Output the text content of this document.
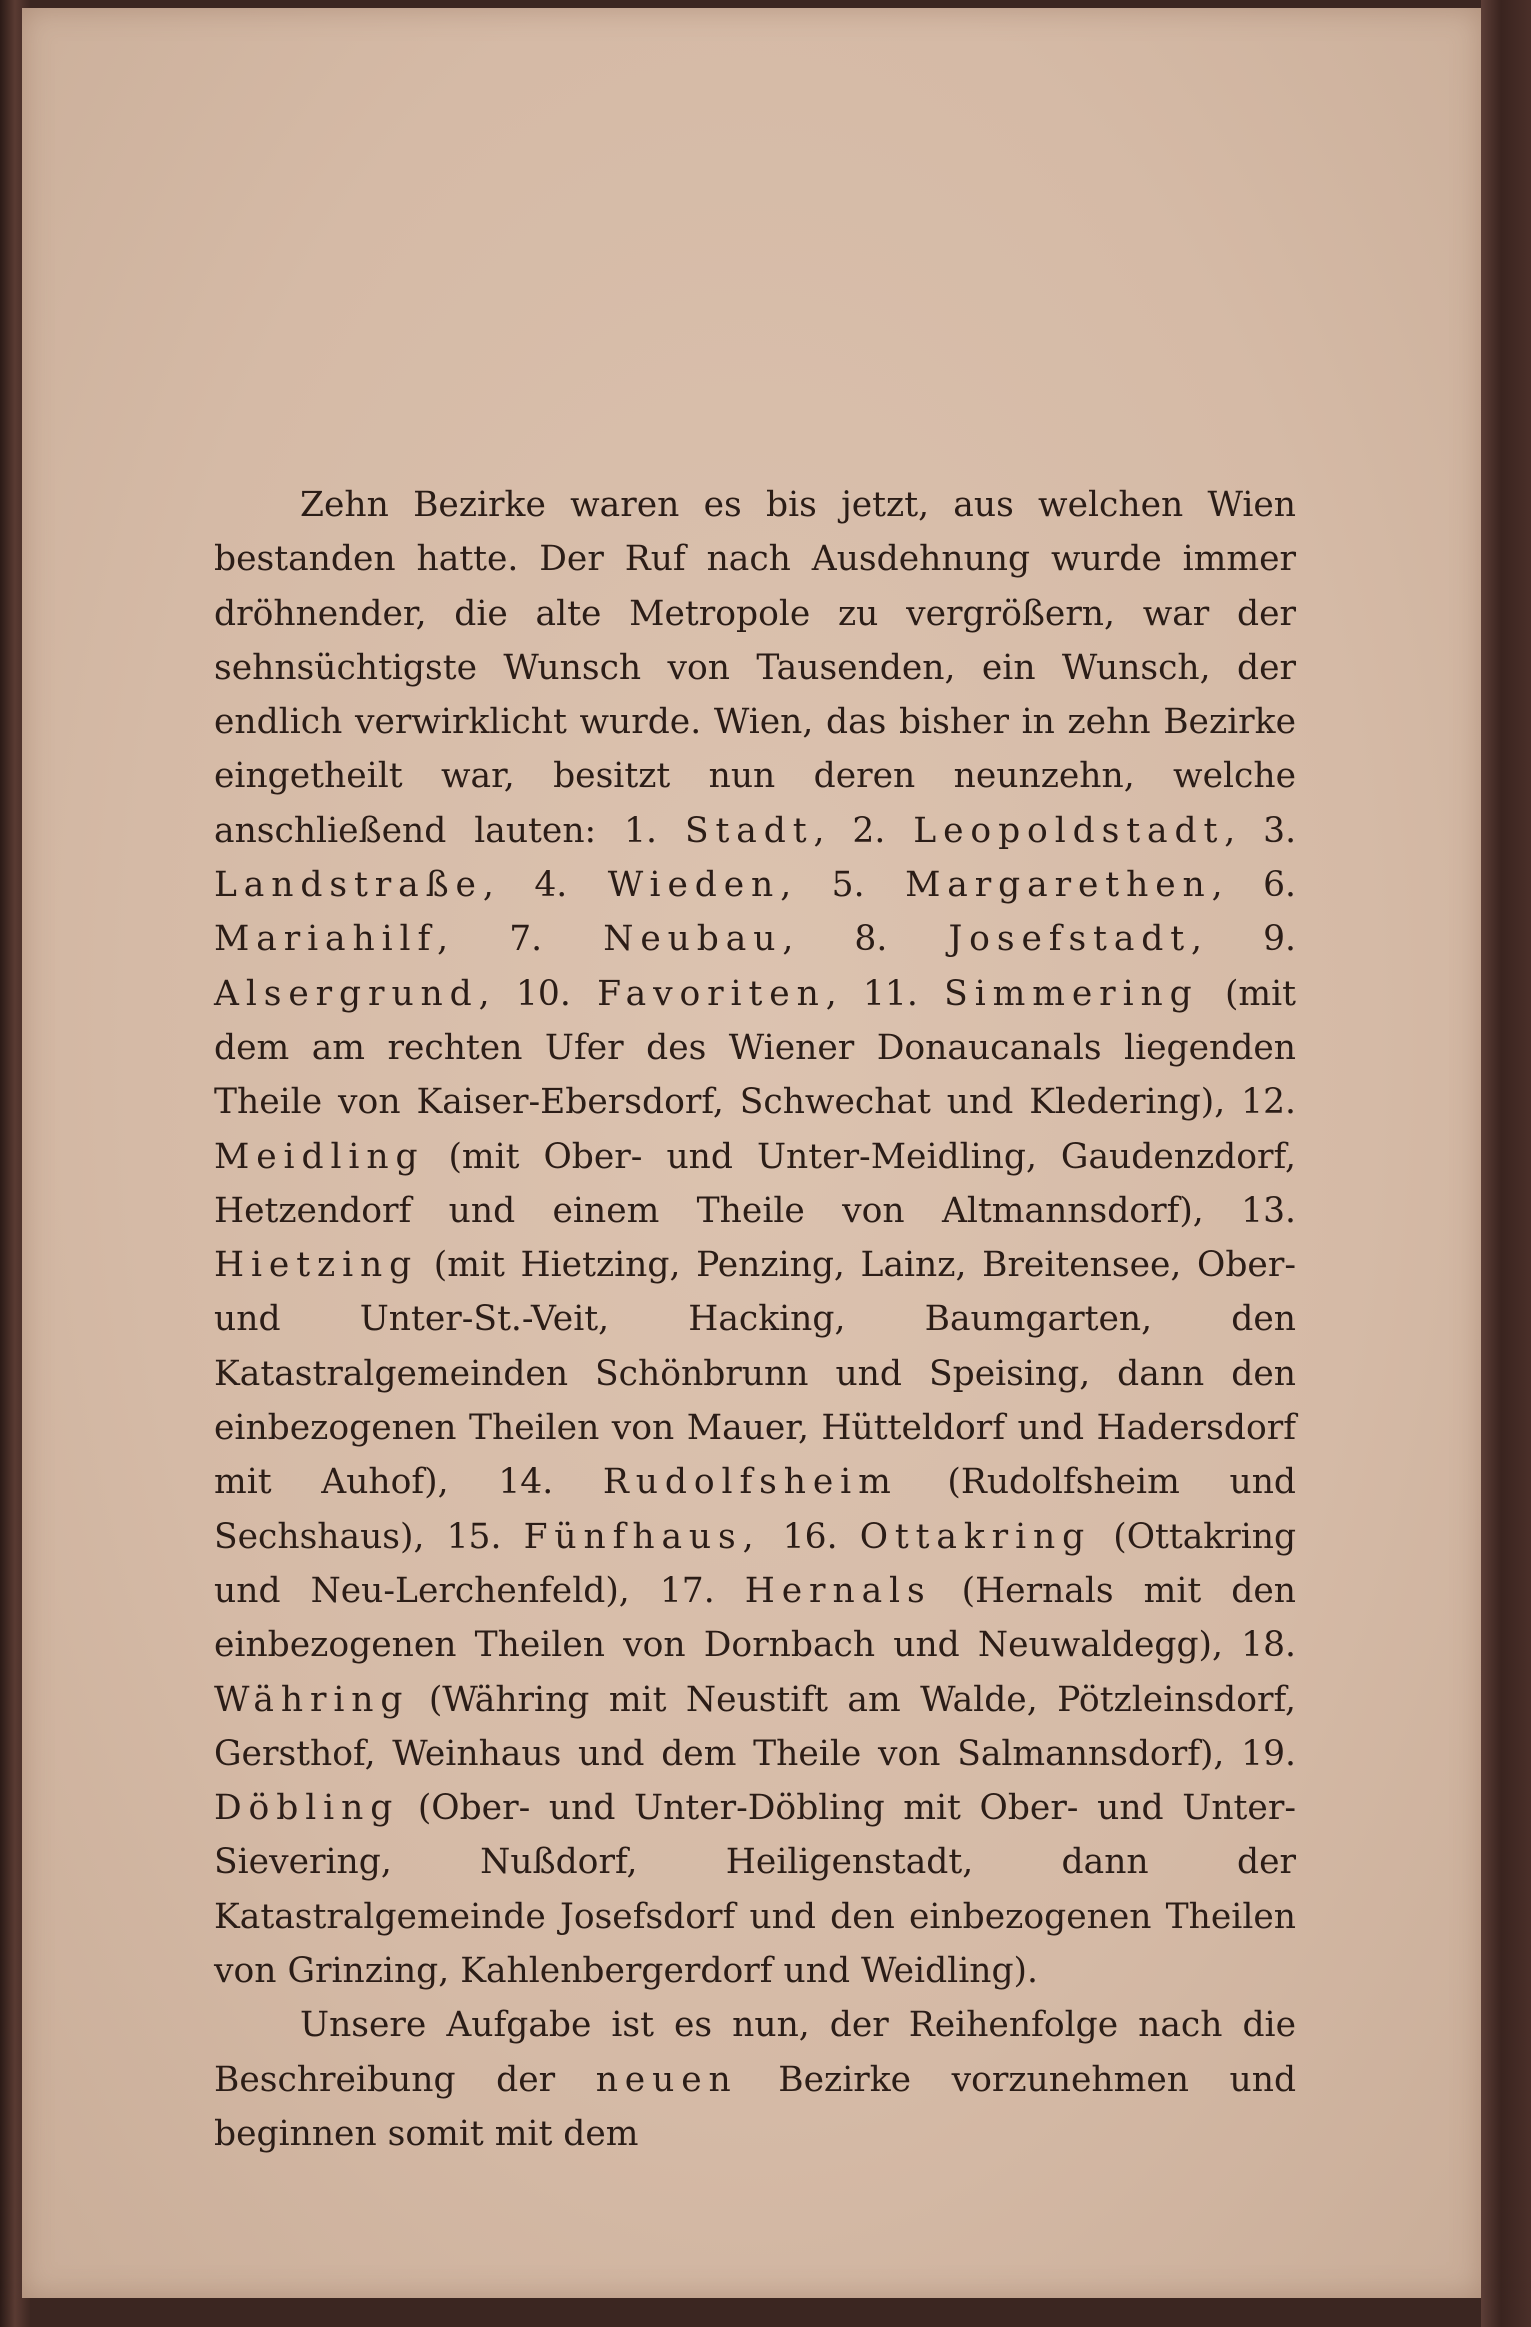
Zehn Bezirke waren es bis jetzt, aus welchen Wien bestanden hatte. Der Ruf nach Ausdehnung wurde immer dröhnender, die alte Metropole zu vergrößern, war der sehnsüchtigste Wunsch von Tausenden, ein Wunsch, der endlich verwirklicht wurde. Wien, das bisher in zehn Bezirke eingetheilt war, besitzt nun deren neunzehn, welche anschließend lauten: 1. Stadt, 2. Leopoldstadt, 3. Landstraße, 4. Wieden, 5. Margarethen, 6. Mariahilf, 7. Neubau, 8. Josefstadt, 9. Alsergrund, 10. Favoriten, 11. Simmering (mit dem am rechten Ufer des Wiener Donaucanals liegenden Theile von Kaiser-Ebersdorf, Schwechat und Kledering), 12. Meidling (mit Ober- und Unter-Meidling, Gaudenzdorf, Hetzendorf und einem Theile von Altmannsdorf), 13. Hietzing (mit Hietzing, Penzing, Lainz, Breitensee, Ober- und Unter-St.-Veit, Hacking, Baumgarten, den Katastralgemeinden Schönbrunn und Speising, dann den einbezogenen Theilen von Mauer, Hütteldorf und Hadersdorf mit Auhof), 14. Rudolfsheim (Rudolfsheim und Sechshaus), 15. Fünfhaus, 16. Ottakring (Ottakring und Neu-Lerchenfeld), 17. Hernals (Hernals mit den einbezogenen Theilen von Dornbach und Neuwaldegg), 18. Währing (Währing mit Neustift am Walde, Pötzleinsdorf, Gersthof, Weinhaus und dem Theile von Salmannsdorf), 19. Döbling (Ober- und Unter-Döbling mit Ober- und Unter-Sievering, Nußdorf, Heiligenstadt, dann der Katastralgemeinde Josefsdorf und den einbezogenen Theilen von Grinzing, Kahlenbergerdorf und Weidling).

Unsere Aufgabe ist es nun, der Reihenfolge nach die Beschreibung der neuen Bezirke vorzunehmen und beginnen somit mit dem
